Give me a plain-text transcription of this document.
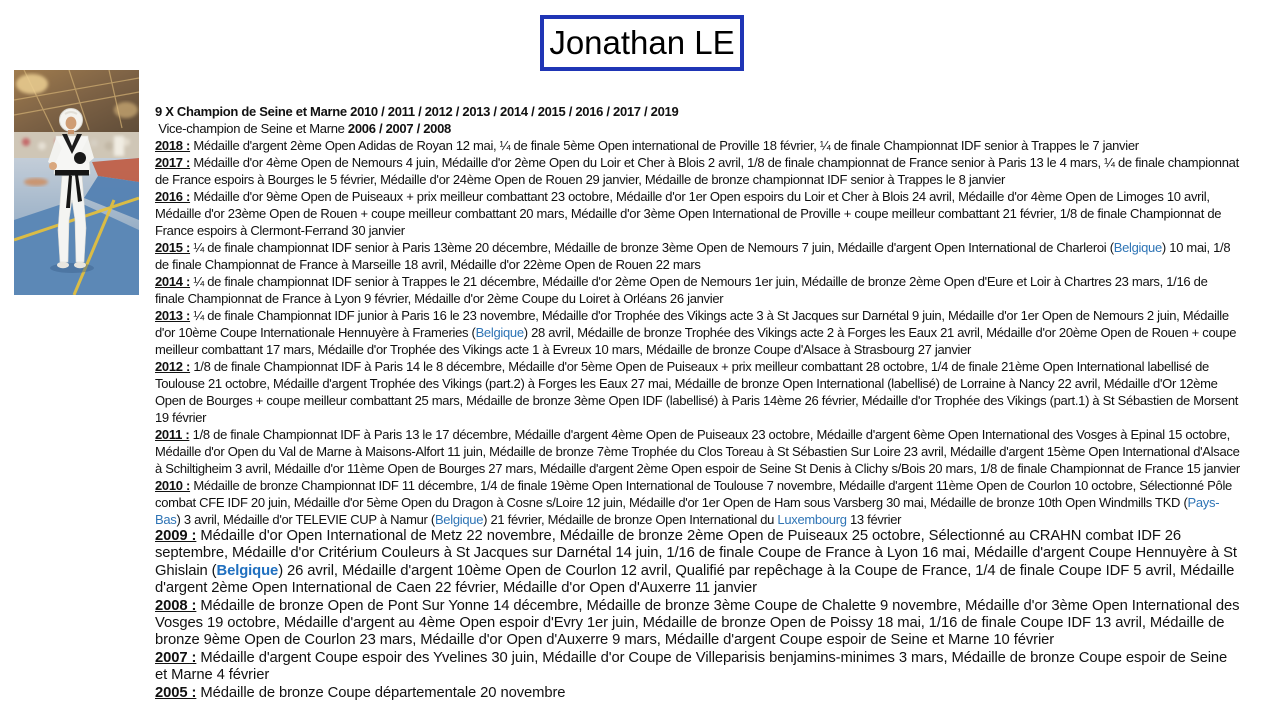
Jonathan LE

9 X Champion de Seine et Marne 2010 / 2011 / 2012 / 2013 / 2014 / 2015 / 2016 / 2017 / 2019

Vice-champion de Seine et Marne 2006 / 2007 / 2008

2018 : Médaille d'argent 2ème Open Adidas de Royan 12 mai, ¼ de finale 5ème Open international de Proville 18 février, ¼ de finale Championnat IDF senior à Trappes le 7 janvier

2017 : Médaille d'or 4ème Open de Nemours 4 juin, Médaille d'or 2ème Open du Loir et Cher à Blois 2 avril, 1/8 de finale championnat de France senior à Paris 13 le 4 mars, ¼ de finale championnat de France espoirs à Bourges le 5 février, Médaille d'or 24ème Open de Rouen 29 janvier, Médaille de bronze championnat IDF senior à Trappes le 8 janvier

2016 : Médaille d'or 9ème Open de Puiseaux + prix meilleur combattant 23 octobre, Médaille d'or 1er Open espoirs du Loir et Cher à Blois 24 avril, Médaille d'or 4ème Open de Limoges 10 avril, Médaille d'or 23ème Open de Rouen + coupe meilleur combattant 20 mars, Médaille d'or 3ème Open International de Proville + coupe meilleur combattant 21 février, 1/8 de finale Championnat de France espoirs à Clermont-Ferrand 30 janvier

2015 : ¼ de finale championnat IDF senior à Paris 13ème 20 décembre, Médaille de bronze 3ème Open de Nemours 7 juin, Médaille d'argent Open International de Charleroi (Belgique) 10 mai, 1/8 de finale Championnat de France à Marseille 18 avril, Médaille d'or 22ème Open de Rouen 22 mars

2014 : ¼ de finale championnat IDF senior à Trappes le 21 décembre, Médaille d'or 2ème Open de Nemours 1er juin, Médaille de bronze 2ème Open d'Eure et Loir à Chartres 23 mars, 1/16 de finale Championnat de France à Lyon 9 février, Médaille d'or 2ème Coupe du Loiret à Orléans 26 janvier

2013 : ¼ de finale Championnat IDF junior à Paris 16 le 23 novembre, Médaille d'or Trophée des Vikings acte 3 à St Jacques sur Darnétal 9 juin, Médaille d'or 1er Open de Nemours 2 juin, Médaille d'or 10ème Coupe Internationale Hennuyère à Frameries (Belgique) 28 avril, Médaille de bronze Trophée des Vikings acte 2 à Forges les Eaux 21 avril, Médaille d'or 20ème Open de Rouen + coupe meilleur combattant 17 mars, Médaille d'or Trophée des Vikings acte 1 à Evreux 10 mars, Médaille de bronze Coupe d'Alsace à Strasbourg 27 janvier

2012 : 1/8 de finale Championnat IDF à Paris 14 le 8 décembre, Médaille d'or 5ème Open de Puiseaux + prix meilleur combattant 28 octobre, 1/4 de finale 21ème Open International labellisé de Toulouse 21 octobre, Médaille d'argent Trophée des Vikings (part.2) à Forges les Eaux 27 mai, Médaille de bronze Open International (labellisé) de Lorraine à Nancy 22 avril, Médaille d'Or 12ème Open de Bourges + coupe meilleur combattant 25 mars, Médaille de bronze 3ème Open IDF (labellisé) à Paris 14ème 26 février, Médaille d'or Trophée des Vikings (part.1) à St Sébastien de Morsent 19 février

2011 : 1/8 de finale Championnat IDF à Paris 13 le 17 décembre, Médaille d'argent 4ème Open de Puiseaux 23 octobre, Médaille d'argent 6ème Open International des Vosges à Epinal 15 octobre, Médaille d'or Open du Val de Marne à Maisons-Alfort 11 juin, Médaille de bronze 7ème Trophée du Clos Toreau à St Sébastien Sur Loire 23 avril, Médaille d'argent 15ème Open International d'Alsace à Schiltigheim 3 avril, Médaille d'or 11ème Open de Bourges 27 mars, Médaille d'argent 2ème Open espoir de Seine St Denis à Clichy s/Bois 20 mars, 1/8 de finale Championnat de France 15 janvier

2010 : Médaille de bronze Championnat IDF 11 décembre, 1/4 de finale 19ème Open International de Toulouse 7 novembre, Médaille d'argent 11ème Open de Courlon 10 octobre, Sélectionné Pôle combat CFE IDF 20 juin, Médaille d'or 5ème Open du Dragon à Cosne s/Loire 12 juin, Médaille d'or 1er Open de Ham sous Varsberg 30 mai, Médaille de bronze 10th Open Windmills TKD (Pays-Bas) 3 avril, Médaille d'or TELEVIE CUP à Namur (Belgique) 21 février, Médaille de bronze Open International du Luxembourg 13 février

2009 : Médaille d'or Open International de Metz 22 novembre, Médaille de bronze 2ème Open de Puiseaux 25 octobre, Sélectionné au CRAHN combat IDF 26 septembre, Médaille d'or Critérium Couleurs à St Jacques sur Darnétal 14 juin, 1/16 de finale Coupe de France à Lyon 16 mai, Médaille d'argent Coupe Hennuyère à St Ghislain (Belgique) 26 avril, Médaille d'argent 10ème Open de Courlon 12 avril, Qualifié par repêchage à la Coupe de France, 1/4 de finale Coupe IDF 5 avril, Médaille d'argent 2ème Open International de Caen 22 février, Médaille d'or Open d'Auxerre 11 janvier

2008 : Médaille de bronze Open de Pont Sur Yonne 14 décembre, Médaille de bronze 3ème Coupe de Chalette 9 novembre, Médaille d'or 3ème Open International des Vosges 19 octobre, Médaille d'argent au 4ème Open espoir d'Evry 1er juin, Médaille de bronze Open de Poissy 18 mai, 1/16 de finale Coupe IDF 13 avril, Médaille de bronze 9ème Open de Courlon 23 mars, Médaille d'or Open d'Auxerre 9 mars, Médaille d'argent Coupe espoir de Seine et Marne 10 février

2007 : Médaille d'argent Coupe espoir des Yvelines 30 juin, Médaille d'or Coupe de Villeparisis benjamins-minimes 3 mars, Médaille de bronze Coupe espoir de Seine et Marne 4 février

2005 : Médaille de bronze Coupe départementale 20 novembre
